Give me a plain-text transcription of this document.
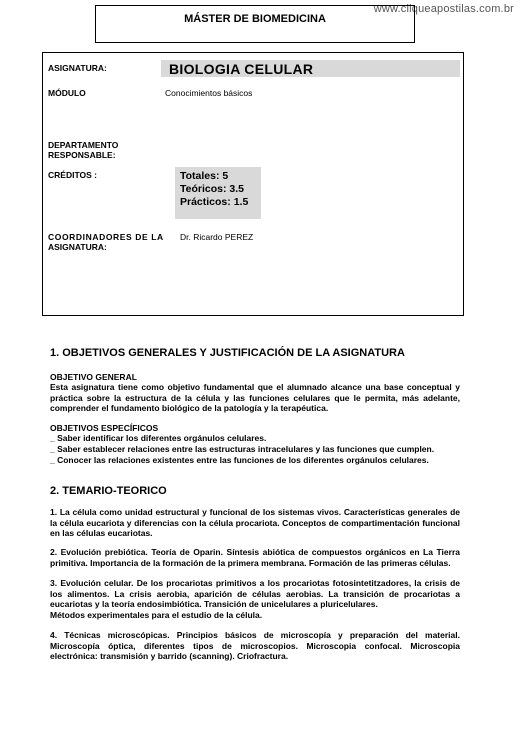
www.cliqueapostilas.com.br
MÁSTER DE BIOMEDICINA
ASIGNATURA:	BIOLOGIA CELULAR
MÓDULO	Conocimientos básicos
DEPARTAMENTO
RESPONSABLE:
CRÉDITOS :	Totales: 5
Teóricos: 3.5
Prácticos: 1.5
COORDINADORES DE LA
ASIGNATURA:
Dr. Ricardo PEREZ
1. OBJETIVOS GENERALES Y JUSTIFICACIÓN DE LA ASIGNATURA
OBJETIVO GENERAL
Esta asignatura tiene como objetivo fundamental que el alumnado alcance una base conceptual y práctica sobre la estructura de la célula y las funciones celulares que le permita, más adelante, comprender el fundamento biológico de la patología y la terapéutica.
OBJETIVOS ESPECÍFICOS
_ Saber identificar los diferentes orgánulos celulares.
_ Saber establecer relaciones entre las estructuras intracelulares y las funciones que cumplen.
_ Conocer las relaciones existentes entre las funciones de los diferentes orgánulos celulares.
2. TEMARIO-TEORICO
1. La célula como unidad estructural y funcional de los sistemas vivos. Características generales de la célula eucariota y diferencias con la célula procariota. Conceptos de compartimentación funcional en las células eucariotas.
2. Evolución prebiótica. Teoría de Oparin. Síntesis abiótica de compuestos orgánicos en La Tierra primitiva. Importancia de la formación de la primera membrana. Formación de las primeras células.
3. Evolución celular. De los procariotas primitivos a los procariotas fotosintetitzadores, la crisis de los alimentos. La crisis aerobia, aparición de células aerobias. La transición de procariotas a eucariotas y la teoría endosimbiótica. Transición de unicelulares a pluricelulares.
Métodos experimentales para el estudio de la célula.
4. Técnicas microscópicas. Principios básicos de microscopía y preparación del material. Microscopía óptica, diferentes tipos de microscopios. Microscopia confocal. Microscopia electrónica: transmisión y barrido (scanning). Criofractura.
